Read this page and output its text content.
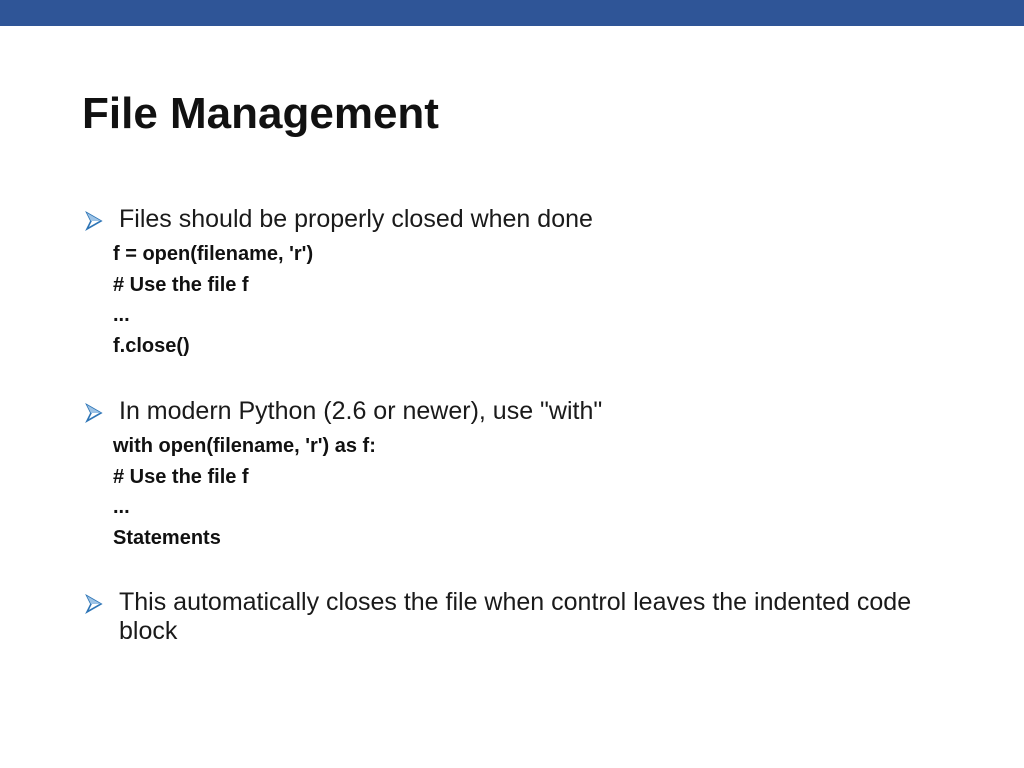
File Management
Files should be properly closed when done
f = open(filename, 'r')
# Use the file f
...
f.close()
In modern Python (2.6 or newer), use "with"
with open(filename, 'r') as f:
# Use the file f
...
Statements
This automatically closes the file when control leaves the indented code block
